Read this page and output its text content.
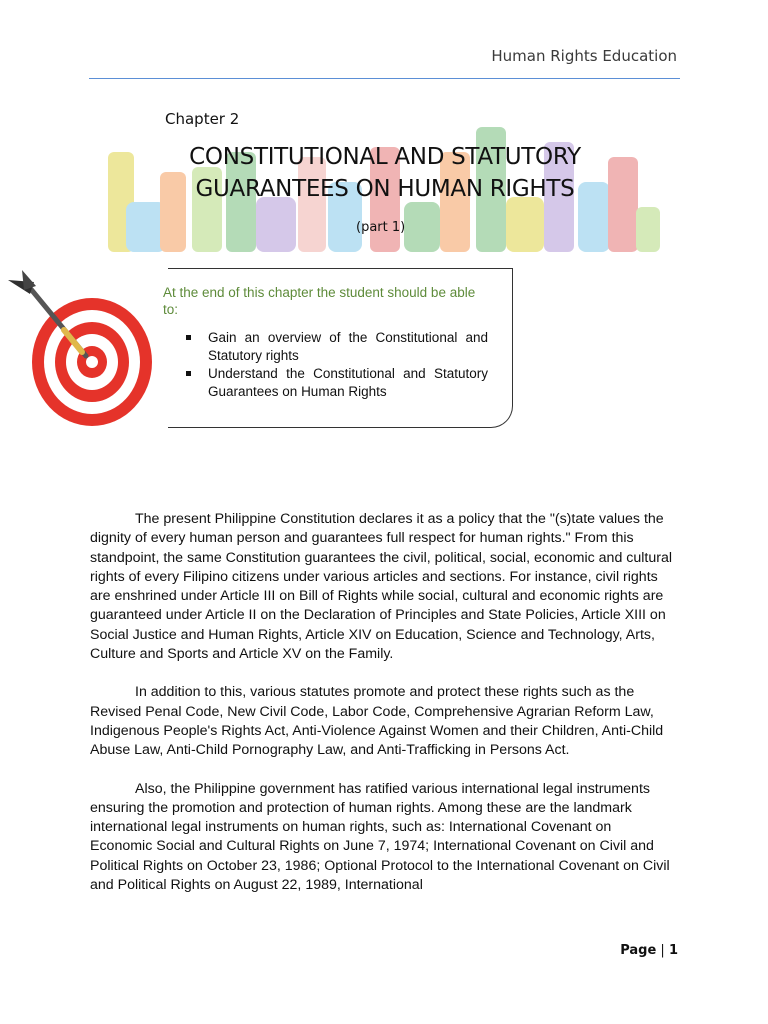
Human Rights Education
Chapter 2
CONSTITUTIONAL AND STATUTORY
GUARANTEES ON HUMAN RIGHTS
(part 1)
At the end of this chapter the student should be able to:
Gain an overview of the Constitutional and Statutory rights
Understand the Constitutional and Statutory Guarantees on Human Rights

The present Philippine Constitution declares it as a policy that the "(s)tate values the dignity of every human person and guarantees full respect for human rights." From this standpoint, the same Constitution guarantees the civil, political, social, economic and cultural rights of every Filipino citizens under various articles and sections. For instance, civil rights are enshrined under Article III on Bill of Rights while social, cultural and economic rights are guaranteed under Article II on the Declaration of Principles and State Policies, Article XIII on Social Justice and Human Rights, Article XIV on Education, Science and Technology, Arts, Culture and Sports and Article XV on the Family.

In addition to this, various statutes promote and protect these rights such as the Revised Penal Code, New Civil Code, Labor Code, Comprehensive Agrarian Reform Law, Indigenous People's Rights Act, Anti-Violence Against Women and their Children, Anti-Child Abuse Law, Anti-Child Pornography Law, and Anti-Trafficking in Persons Act.

Also, the Philippine government has ratified various international legal instruments ensuring the promotion and protection of human rights. Among these are the landmark international legal instruments on human rights, such as: International Covenant on Economic Social and Cultural Rights on June 7, 1974; International Covenant on Civil and Political Rights on October 23, 1986; Optional Protocol to the International Covenant on Civil and Political Rights on August 22, 1989, International

Page | 1
